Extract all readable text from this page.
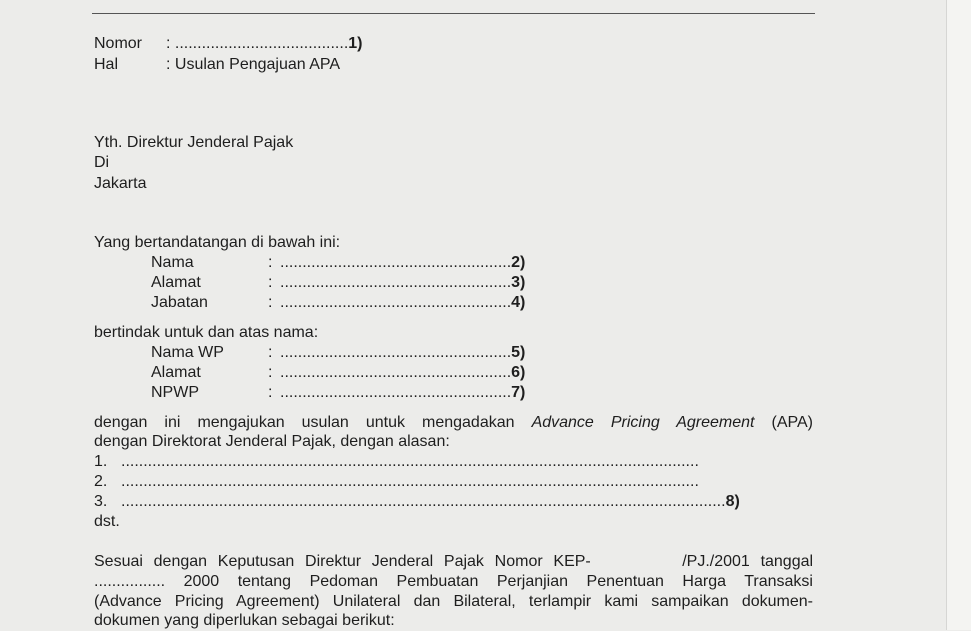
Nomor : .......................................1)
Hal	: Usulan Pengajuan APA
Yth. Direktur Jenderal Pajak
Di
Jakarta
Yang bertandatangan di bawah ini:
Nama	: ....................................................2)
Alamat	: ....................................................3)
Jabatan	: ....................................................4)
bertindak untuk dan atas nama:
Nama WP	: ....................................................5)
Alamat	: ....................................................6)
NPWP	: ....................................................7)
dengan ini mengajukan usulan untuk mengadakan Advance Pricing Agreement (APA)
dengan Direktorat Jenderal Pajak, dengan alasan:
1. ..................................................................................................................................
2. ..................................................................................................................................
3. ........................................................................................................................................8)
dst.
Sesuai dengan Keputusan Direktur Jenderal Pajak Nomor KEP-	/PJ./2001 tanggal
................ 2000 tentang Pedoman Pembuatan Perjanjian Penentuan Harga Transaksi
(Advance Pricing Agreement) Unilateral dan Bilateral, terlampir kami sampaikan dokumen-
dokumen yang diperlukan sebagai berikut:
